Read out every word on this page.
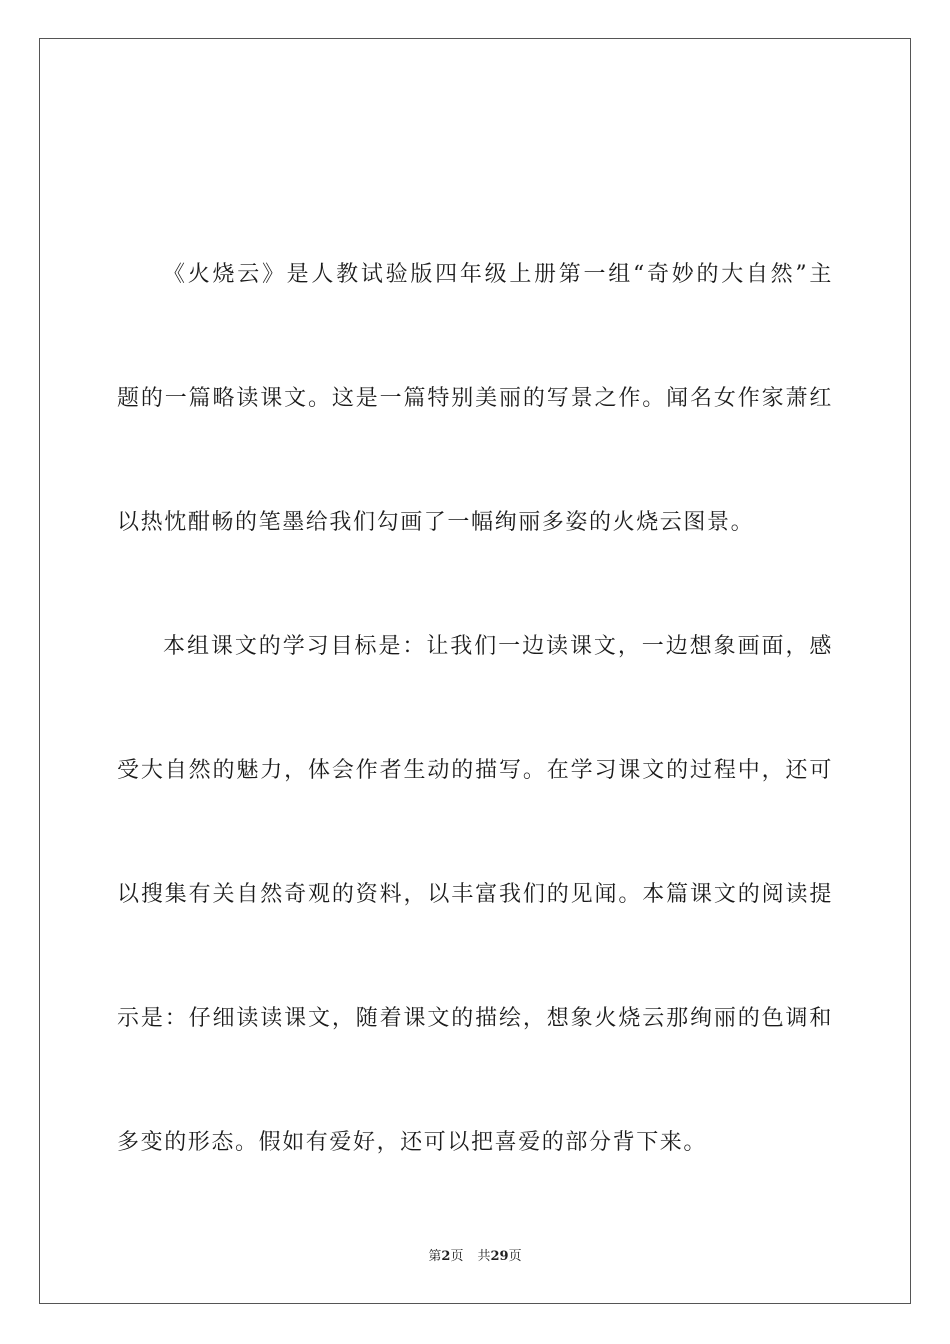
《火烧云》是人教试验版四年级上册第一组“奇妙的大自然”主
题的一篇略读课文。这是一篇特别美丽的写景之作。闻名女作家萧红
以热忱酣畅的笔墨给我们勾画了一幅绚丽多姿的火烧云图景。
本组课文的学习目标是：让我们一边读课文，一边想象画面，感
受大自然的魅力，体会作者生动的描写。在学习课文的过程中，还可
以搜集有关自然奇观的资料，以丰富我们的见闻。本篇课文的阅读提
示是：仔细读读课文，随着课文的描绘，想象火烧云那绚丽的色调和
多变的形态。假如有爱好，还可以把喜爱的部分背下来。
第2页 共29页
